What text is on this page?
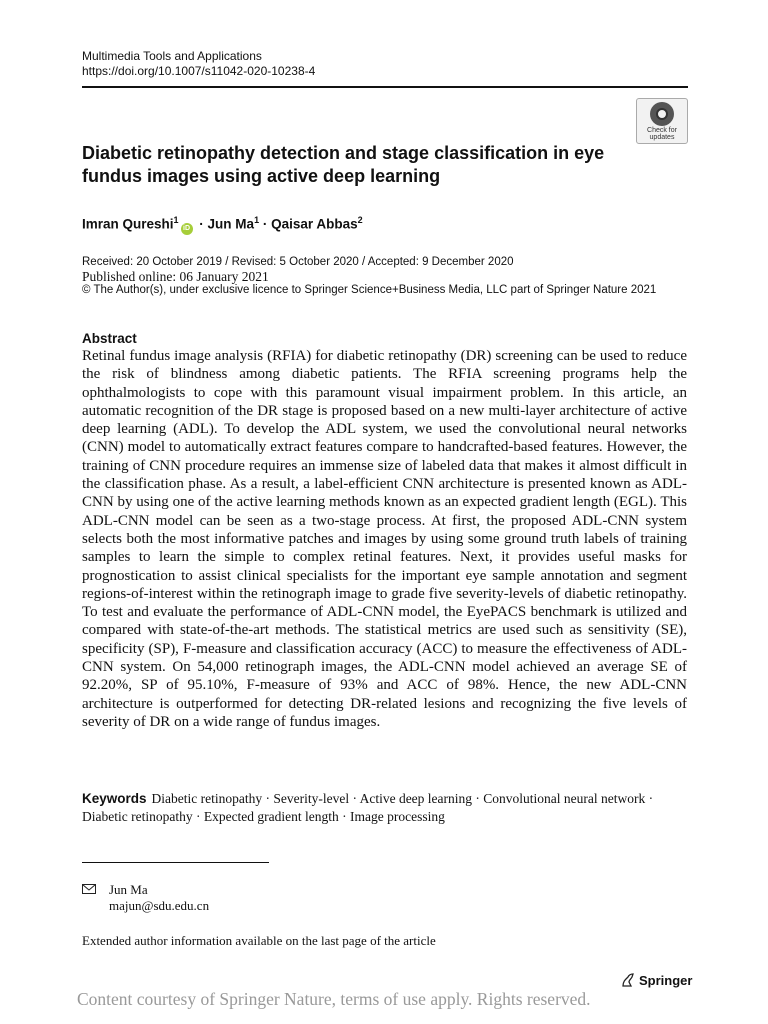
Multimedia Tools and Applications
https://doi.org/10.1007/s11042-020-10238-4
Check for
updates
Diabetic retinopathy detection and stage classification in eye fundus images using active deep learning
Imran Qureshi$^1$iD · Jun $Ma^1$ · Qaisar Abbas$^2$
Received: 20 October 2019 / Revised: 5 October 2020 / Accepted: 9 December 2020
Published online: 06 January 2021
© The Author(s), under exclusive licence to Springer Science+Business Media, LLC part of Springer Nature 2021
Abstract

Retinal fundus image analysis (RFIA) for diabetic retinopathy (DR) screening can be used to reduce the risk of blindness among diabetic patients. The RFIA screening programs help the ophthalmologists to cope with this paramount visual impairment problem. In this article, an automatic recognition of the DR stage is proposed based on a new multi-layer architecture of active deep learning (ADL). To develop the ADL system, we used the convolutional neural networks (CNN) model to automatically extract features compare to handcrafted-based features. However, the training of CNN procedure requires an immense size of labeled data that makes it almost difficult in the classification phase. As a result, a label-efficient CNN architecture is presented known as ADL-CNN by using one of the active learning methods known as an expected gradient length (EGL). This ADL-CNN model can be seen as a two-stage process. At first, the proposed ADL-CNN system selects both the most informative patches and images by using some ground truth labels of training samples to learn the simple to complex retinal features. Next, it provides useful masks for prognostication to assist clinical specialists for the important eye sample annotation and segment regions-of-interest within the retinograph image to grade five severity-levels of diabetic retinopathy. To test and evaluate the performance of ADL-CNN model, the EyePACS benchmark is utilized and compared with state-of-the-art methods. The statistical metrics are used such as sensitivity (SE), specificity (SP), F-measure and classification accuracy (ACC) to measure the effectiveness of ADL-CNN system. On 54,000 retinograph images, the ADL-CNN model achieved an average SE of 92.20%, SP of 95.10%, F-measure of 93% and ACC of 98%. Hence, the new ADL-CNN architecture is outperformed for detecting DR-related lesions and recognizing the five levels of severity of DR on a wide range of fundus images.

Keywords Diabetic retinopathy · Severity-level · Active deep learning · Convolutional neural network · Diabetic retinopathy · Expected gradient length · Image processing

Jun Ma
majun@sdu.edu.cn
Extended author information available on the last page of the article
Springer
Content courtesy of Springer Nature, terms of use apply. Rights reserved.
